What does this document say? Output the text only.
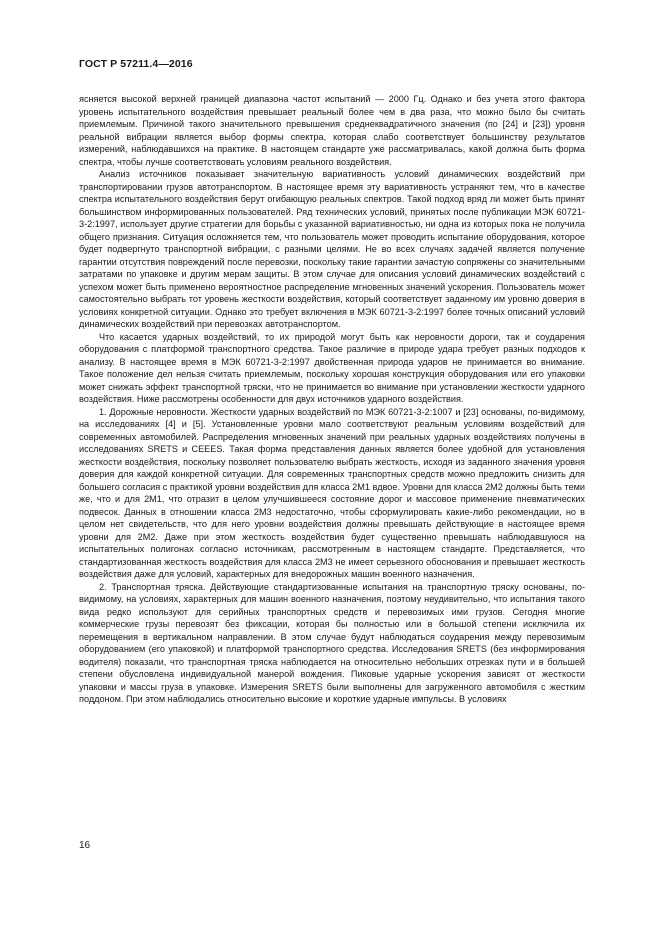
ГОСТ Р 57211.4—2016

ясняется высокой верхней границей диапазона частот испытаний — 2000 Гц. Однако и без учета этого фактора уровень испытательного воздействия превышает реальный более чем в два раза, что можно было бы считать приемлемым. Причиной такого значительного превышения среднеквадратичного значения (по [24] и [23]) уровня реальной вибрации является выбор формы спектра, которая слабо соответствует большинству результатов измерений, наблюдавшихся на практике. В настоящем стандарте уже рассматривалась, какой должна быть форма спектра, чтобы лучше соответствовать условиям реального воздействия.

Анализ источников показывает значительную вариативность условий динамических воздействий при транспортировании грузов автотранспортом. В настоящее время эту вариативность устраняют тем, что в качестве спектра испытательного воздействия берут огибающую реальных спектров. Такой подход вряд ли может быть принят большинством информированных пользователей. Ряд технических условий, принятых после публикации МЭК 60721-3-2:1997, использует другие стратегии для борьбы с указанной вариативностью, ни одна из которых пока не получила общего признания. Ситуация осложняется тем, что пользователь может проводить испытание оборудования, которое будет подвергнуто транспортной вибрации, с разными целями. Не во всех случаях задачей является получение гарантии отсутствия повреждений после перевозки, поскольку такие гарантии зачастую сопряжены со значительными затратами по упаковке и другим мерам защиты. В этом случае для описания условий динамических воздействий с успехом может быть применено вероятностное распределение мгновенных значений ускорения. Пользователь может самостоятельно выбрать тот уровень жесткости воздействия, который соответствует заданному им уровню доверия в условиях конкретной ситуации. Однако это требует включения в МЭК 60721-3-2:1997 более точных описаний условий динамических воздействий при перевозках автотранспортом.

Что касается ударных воздействий, то их природой могут быть как неровности дороги, так и соударения оборудования с платформой транспортного средства. Такое различие в природе удара требует разных подходов к анализу. В настоящее время в МЭК 60721-3-2:1997 двойственная природа ударов не принимается во внимание. Такое положение дел нельзя считать приемлемым, поскольку хорошая конструкция оборудования или его упаковки может снижать эффект транспортной тряски, что не принимается во внимание при установлении жесткости ударного воздействия. Ниже рассмотрены особенности для двух источников ударного воздействия.

1. Дорожные неровности. Жесткости ударных воздействий по МЭК 60721-3-2:1007 и [23] основаны, по-видимому, на исследованиях [4] и [5]. Установленные уровни мало соответствуют реальным условиям воздействий для современных автомобилей. Распределения мгновенных значений при реальных ударных воздействиях получены в исследованиях SRETS и CEEES. Такая форма представления данных является более удобной для установления жесткости воздействия, поскольку позволяет пользователю выбрать жесткость, исходя из заданного значения уровня доверия для каждой конкретной ситуации. Для современных транспортных средств можно предложить снизить для большего согласия с практикой уровни воздействия для класса 2М1 вдвое. Уровни для класса 2М2 должны быть теми же, что и для 2М1, что отразит в целом улучшившееся состояние дорог и массовое применение пневматических подвесок. Данных в отношении класса 2М3 недостаточно, чтобы сформулировать какие-либо рекомендации, но в целом нет свидетельств, что для него уровни воздействия должны превышать действующие в настоящее время уровни для 2М2. Даже при этом жесткость воздействия будет существенно превышать наблюдавшуюся на испытательных полигонах согласно источникам, рассмотренным в настоящем стандарте. Представляется, что стандартизованная жесткость воздействия для класса 2М3 не имеет серьезного обоснования и превышает жесткость воздействия даже для условий, характерных для внедорожных машин военного назначения.

2. Транспортная тряска. Действующие стандартизованные испытания на транспортную тряску основаны, по-видимому, на условиях, характерных для машин военного назначения, поэтому неудивительно, что испытания такого вида редко используют для серийных транспортных средств и перевозимых ими грузов. Сегодня многие коммерческие грузы перевозят без фиксации, которая бы полностью или в большой степени исключила их перемещения в вертикальном направлении. В этом случае будут наблюдаться соударения между перевозимым оборудованием (его упаковкой) и платформой транспортного средства. Исследования SRETS (без информирования водителя) показали, что транспортная тряска наблюдается на относительно небольших отрезках пути и в большей степени обусловлена индивидуальной манерой вождения. Пиковые ударные ускорения зависят от жесткости упаковки и массы груза в упаковке. Измерения SRETS были выполнены для загруженного автомобиля с жестким поддоном. При этом наблюдались относительно высокие и короткие ударные импульсы. В условиях

16
